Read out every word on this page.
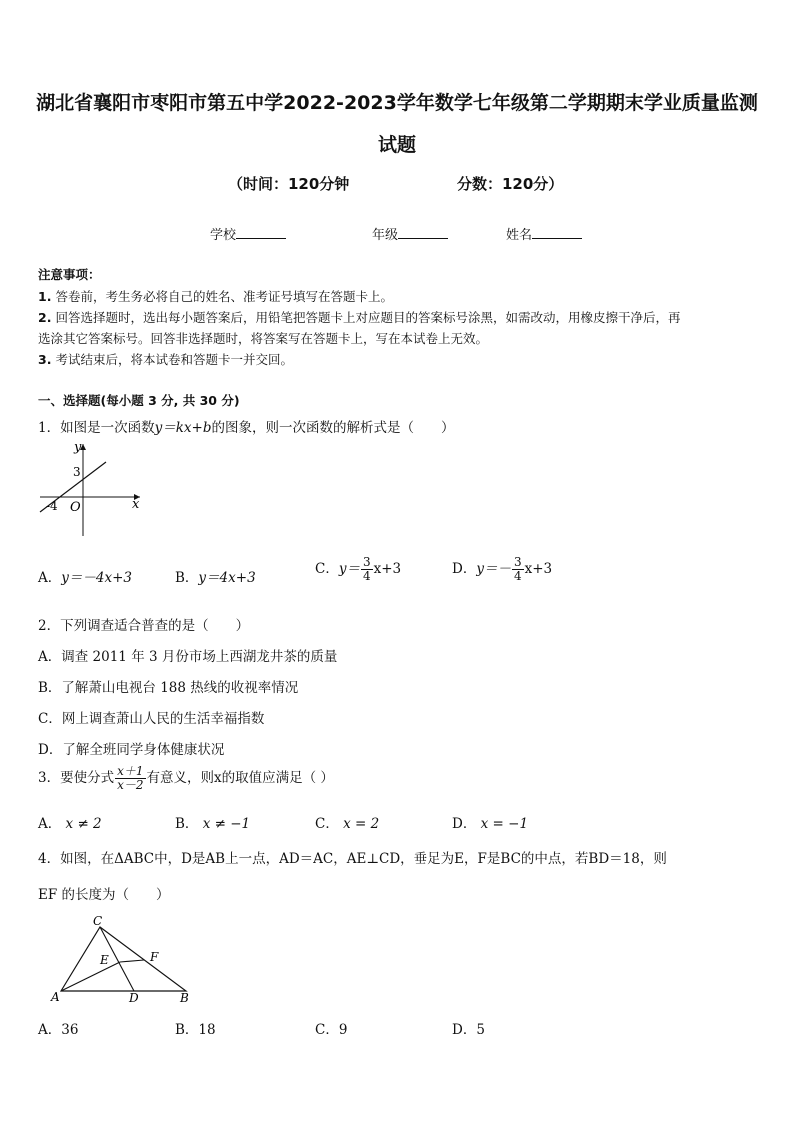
湖北省襄阳市枣阳市第五中学2022-2023学年数学七年级第二学期期末学业质量监测
试题
（时间：120分钟	分数：120分）
学校	年级	姓名
注意事项：
1. 答卷前，考生务必将自己的姓名、准考证号填写在答题卡上。
2. 回答选择题时，选出每小题答案后，用铅笔把答题卡上对应题目的答案标号涂黑，如需改动，用橡皮擦干净后，再
选涂其它答案标号。回答非选择题时，将答案写在答题卡上，写在本试卷上无效。
3. 考试结束后，将本试卷和答题卡一并交回。
一、选择题(每小题 3 分, 共 30 分)
1．如图是一次函数y＝kx+b的图象，则一次函数的解析式是（　　）
y
x
O
3
-4
A．y＝－4x+3	B．y＝4x+3
C．$y= \frac{3}{4} x+3$	D．$y=- \frac{3}{4} x+3$
2．下列调查适合普查的是（　　）
A．调查 2011 年 3 月份市场上西湖龙井茶的质量
B．了解萧山电视台 188 热线的收视率情况
C．网上调查萧山人民的生活幸福指数
D．了解全班同学身体健康状况
3．要使分式 $\frac{x+1}{x-2}$ 有意义，则x的取值应满足（ ）
A． x ≠ 2	B． x ≠ −1	C． x = 2	D． x = −1
4．如图，在ΔABC中，D是AB上一点，AD＝AC，AE⊥CD，垂足为E，F是BC的中点，若BD＝18，则
EF 的长度为（　　）
C
E	F
A	D	B
A．36	B．18	C．9	D．5
